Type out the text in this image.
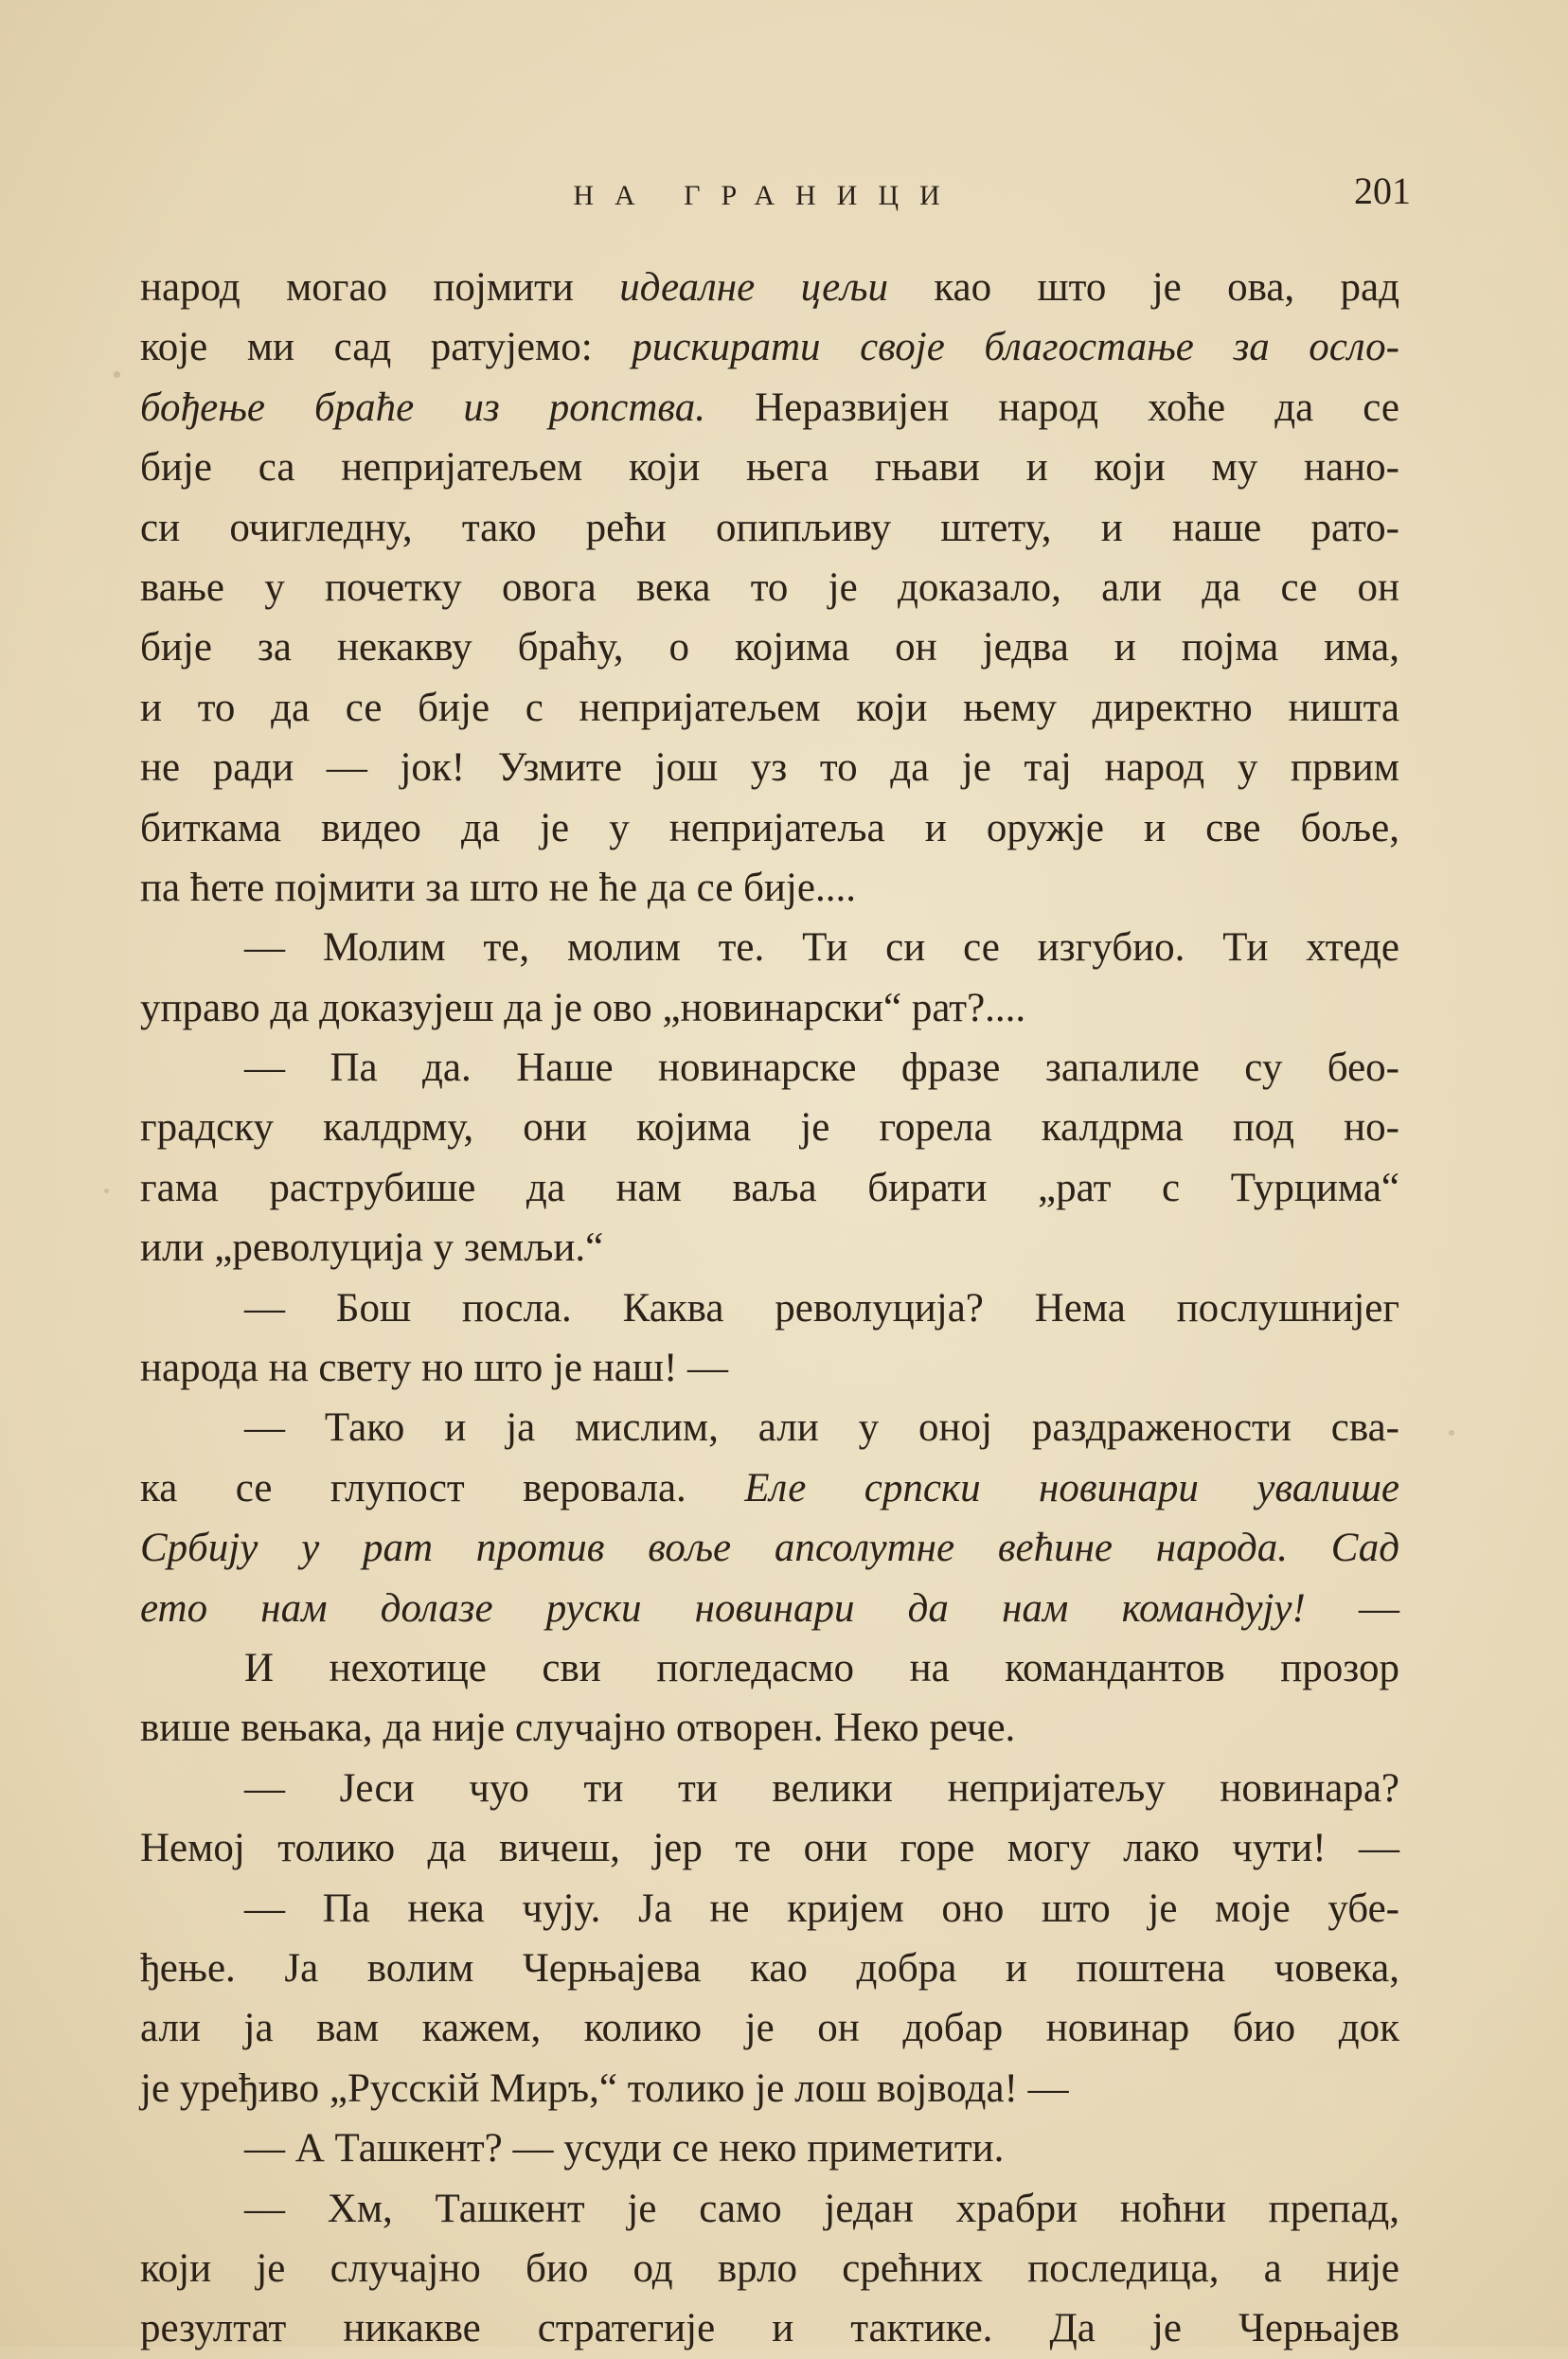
НА ГРАНИЦИ	201
народ могао појмити идеалне цељи као што је ова, рад
које ми сад ратујемо: рискирати своје благостање за осло-
бођење браће из ропства. Неразвијен народ хоће да се
бије са непријатељем који њега гњави и који му нано-
си очигледну, тако рећи опипљиву штету, и наше рато-
вање у почетку овога века то је доказало, али да се он
бије за некакву браћу, о којима он једва и појма има,
и то да се бије с непријатељем који њему директно ништа
не ради — јок! Узмите још уз то да је тај народ у првим
биткама видео да је у непријатеља и оружје и све боље,
па ћете појмити за што не ће да се бије....
— Молим те, молим те. Ти си се изгубио. Ти хтеде
управо да доказујеш да је ово „новинарски“ рат?....
— Па да. Наше новинарске фразе запалиле су бео-
градску калдрму, они којима је горела калдрма под но-
гама раструбише да нам ваља бирати „рат с Турцима“
или „револуција у земљи.“
— Бош посла. Каква револуција? Нема послушнијег
народа на свету но што је наш! —
— Тако и ја мислим, али у оној раздражености сва-
ка се глупост веровала. Еле српски новинари увалише
Србију у рат против воље апсолутне већине народа. Сад
ето нам долазе руски новинари да нам командују! —
И нехотице сви погледасмо на командантов прозор
више вењака, да није случајно отворен. Неко рече.
— Јеси чуо ти ти велики непријатељу новинара?
Немој толико да вичеш, јер те они горе могу лако чути! —
— Па нека чују. Ја не кријем оно што је моје убе-
ђење. Ја волим Черњајева као добра и поштена човека,
али ја вам кажем, колико је он добар новинар био док
је уређиво „Русскiй Миръ,“ толико је лош војвода! —
— А Ташкент? — усуди се неко приметити.
— Хм, Ташкент је само један храбри ноћни препад,
који је случајно био од врло срећних последица, а није
резултат никакве стратегије и тактике. Да је Черњајев
